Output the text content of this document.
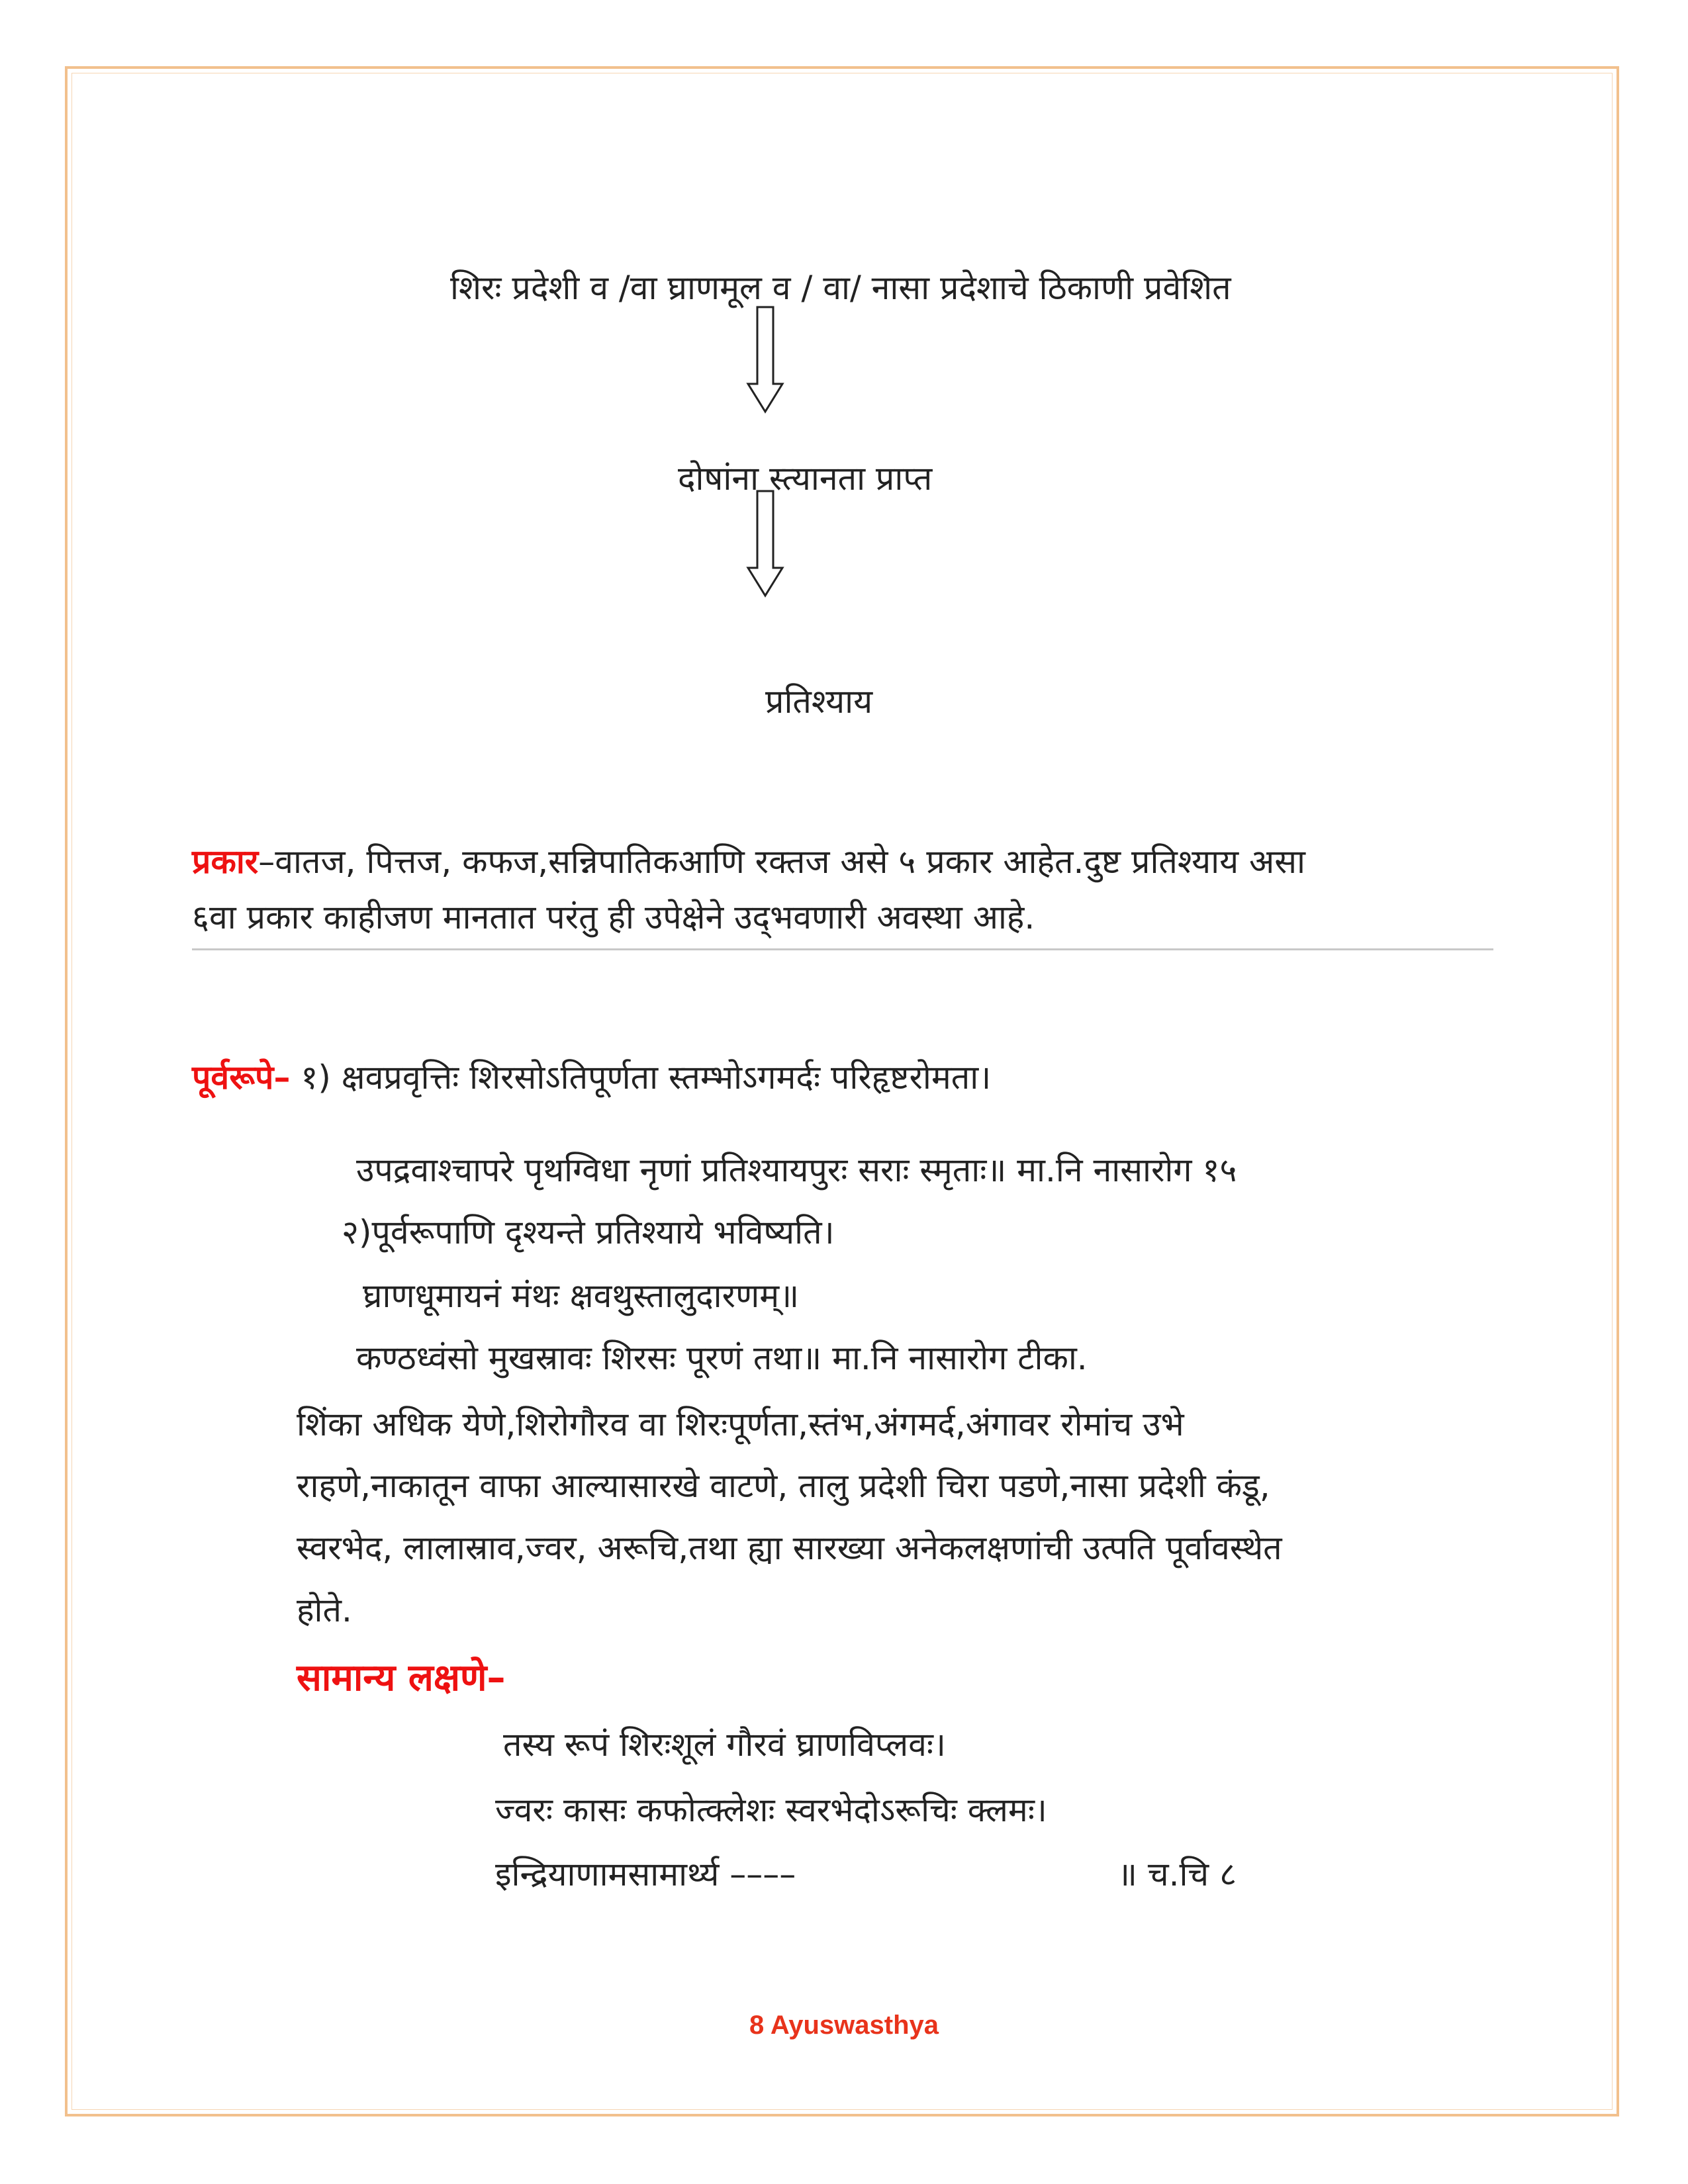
शिरः प्रदेशी व /वा घ्राणमूल व / वा/ नासा प्रदेशाचे ठिकाणी प्रवेशित
दोषांना स्त्यानता प्राप्त
प्रतिश्याय
प्रकार–वातज, पित्तज, कफज,सन्निपातिकआणि रक्तज असे ५ प्रकार आहेत.दुष्ट प्रतिश्याय असा
६वा प्रकार काहीजण मानतात परंतु ही उपेक्षेने उद्‌भवणारी अवस्था आहे.
पूर्वरूपे– १) क्षवप्रवृत्तिः शिरसोऽतिपूर्णता स्तम्भोऽगमर्दः परिहृष्टरोमता।
उपद्रवाश्चापरे पृथग्विधा नृणां प्रतिश्यायपुरः सराः स्मृताः॥ मा.नि नासारोग १५
२)पूर्वरूपाणि दृश्यन्ते प्रतिश्याये भविष्यति।
घ्राणधूमायनं मंथः क्षवथुस्तालुदारणम्॥
कण्ठध्वंसो मुखस्रावः शिरसः पूरणं तथा॥ मा.नि नासारोग टीका.
शिंका अधिक येणे,शिरोगौरव वा शिरःपूर्णता,स्तंभ,अंगमर्द,अंगावर रोमांच उभे
राहणे,नाकातून वाफा आल्यासारखे वाटणे, तालु प्रदेशी चिरा पडणे,नासा प्रदेशी कंडू,
स्वरभेद, लालास्राव,ज्वर, अरूचि,तथा ह्या सारख्या अनेकलक्षणांची उत्पति पूर्वावस्थेत
होते.
सामान्य लक्षणे–
तस्य रूपं शिरःशूलं गौरवं घ्राणविप्लवः।
ज्वरः कासः कफोत्क्लेशः स्वरभेदोऽरूचिः क्लमः।
इन्द्रियाणामसामार्थ्य ––––	॥ च.चि ८
8 Ayuswasthya
